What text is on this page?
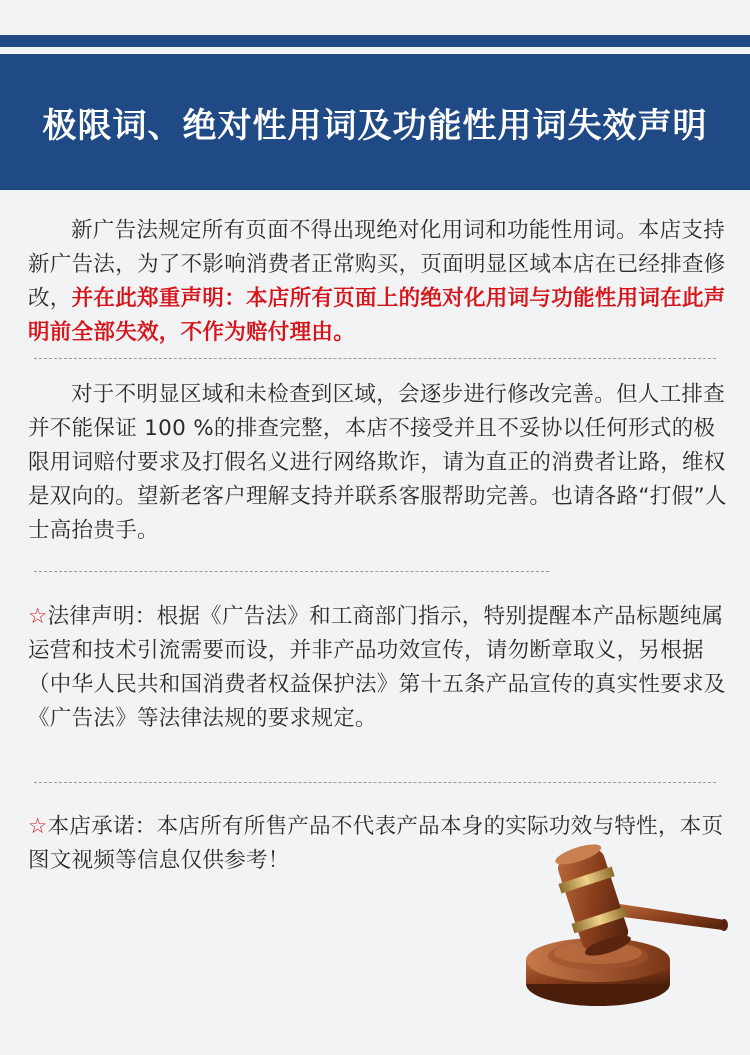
极限词、绝对性用词及功能性用词失效声明
新广告法规定所有页面不得出现绝对化用词和功能性用词。本店支持新广告法，为了不影响消费者正常购买，页面明显区域本店在已经排查修改，并在此郑重声明：本店所有页面上的绝对化用词与功能性用词在此声明前全部失效，不作为赔付理由。
对于不明显区域和未检查到区域，会逐步进行修改完善。但人工排查并不能保证 100 %的排查完整，本店不接受并且不妥协以任何形式的极限用词赔付要求及打假名义进行网络欺诈，请为直正的消费者让路，维权是双向的。望新老客户理解支持并联系客服帮助完善。也请各路“打假”人士高抬贵手。
☆法律声明：根据《广告法》和工商部门指示，特别提醒本产品标题纯属运营和技术引流需要而设，并非产品功效宣传，请勿断章取义，另根据（中华人民共和国消费者权益保护法》第十五条产品宣传的真实性要求及《广告法》等法律法规的要求规定。
☆本店承诺：本店所有所售产品不代表产品本身的实际功效与特性，本页图文视频等信息仅供参考！
